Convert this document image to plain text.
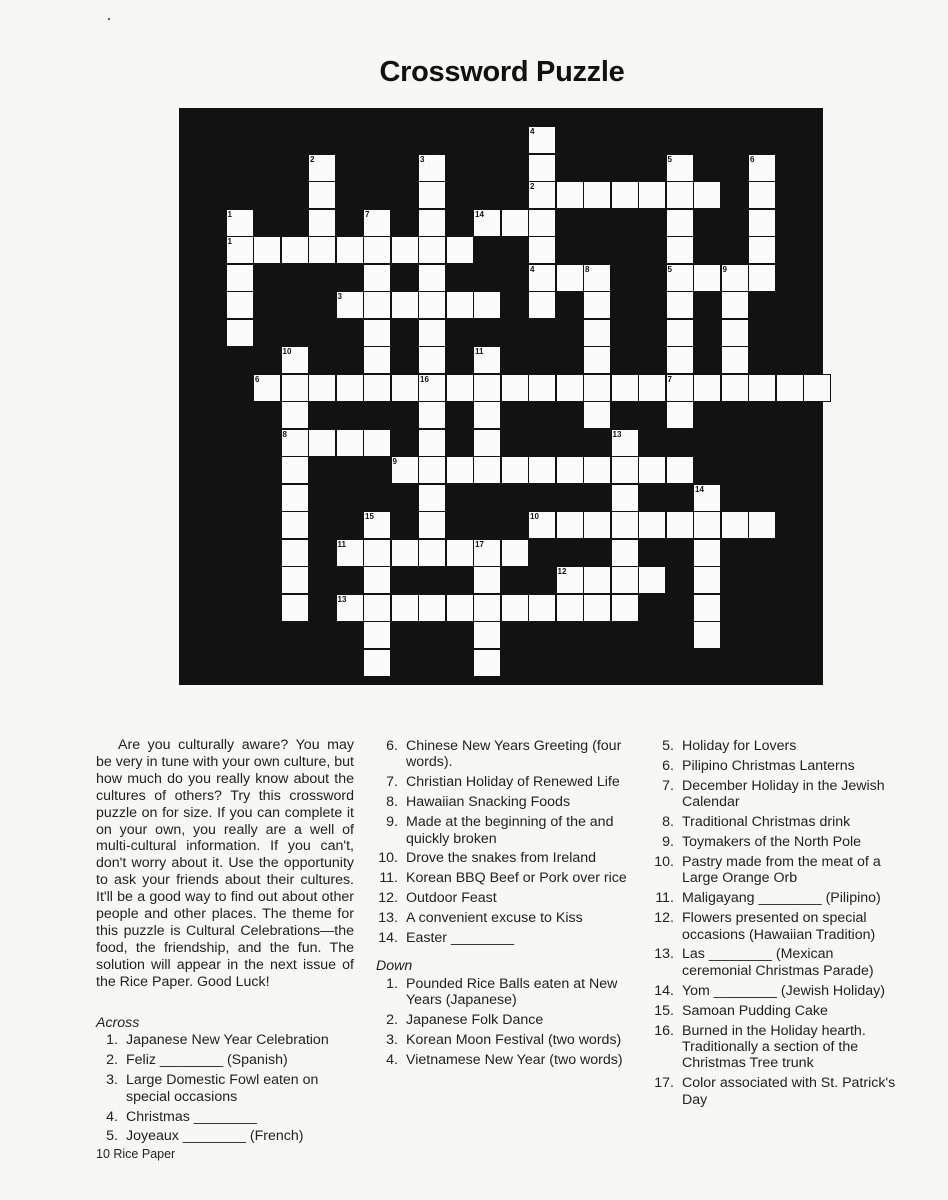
Crossword Puzzle
1
2
3
4	5	9
6	16	7
8
9
10
11	17
12
13
14
1
2	3
4
5	6
7
8
10	11
13
14
15

Are you culturally aware? You may be very in tune with your own culture, but how much do you really know about the cultures of others? Try this crossword puzzle on for size. If you can complete it on your own, you really are a well of multi-cultural information. If you can't, don't worry about it. Use the opportunity to ask your friends about their cultures. It'll be a good way to find out about other people and other places. The theme for this puzzle is Cultural Celebrations—the food, the friendship, and the fun. The solution will appear in the next issue of the Rice Paper. Good Luck!

Across
1. Japanese New Year Celebration
2. Feliz ________ (Spanish)
3. Large Domestic Fowl eaten on special occasions
4. Christmas ________
5. Joyeaux ________ (French)
6. Chinese New Years Greeting (four words).
7. Christian Holiday of Renewed Life
8. Hawaiian Snacking Foods
9. Made at the beginning of the and quickly broken
10. Drove the snakes from Ireland
11. Korean BBQ Beef or Pork over rice
12. Outdoor Feast
13. A convenient excuse to Kiss
14. Easter ________
Down
1. Pounded Rice Balls eaten at New Years (Japanese)
2. Japanese Folk Dance
3. Korean Moon Festival (two words)
4. Vietnamese New Year (two words)
5. Holiday for Lovers
6. Pilipino Christmas Lanterns
7. December Holiday in the Jewish Calendar
8. Traditional Christmas drink
9. Toymakers of the North Pole
10. Pastry made from the meat of a Large Orange Orb
11. Maligayang ________ (Pilipino)
12. Flowers presented on special occasions (Hawaiian Tradition)
13. Las ________ (Mexican ceremonial Christmas Parade)
14. Yom ________ (Jewish Holiday)
15. Samoan Pudding Cake
16. Burned in the Holiday hearth. Traditionally a section of the Christmas Tree trunk
17. Color associated with St. Patrick's Day
10 Rice Paper
